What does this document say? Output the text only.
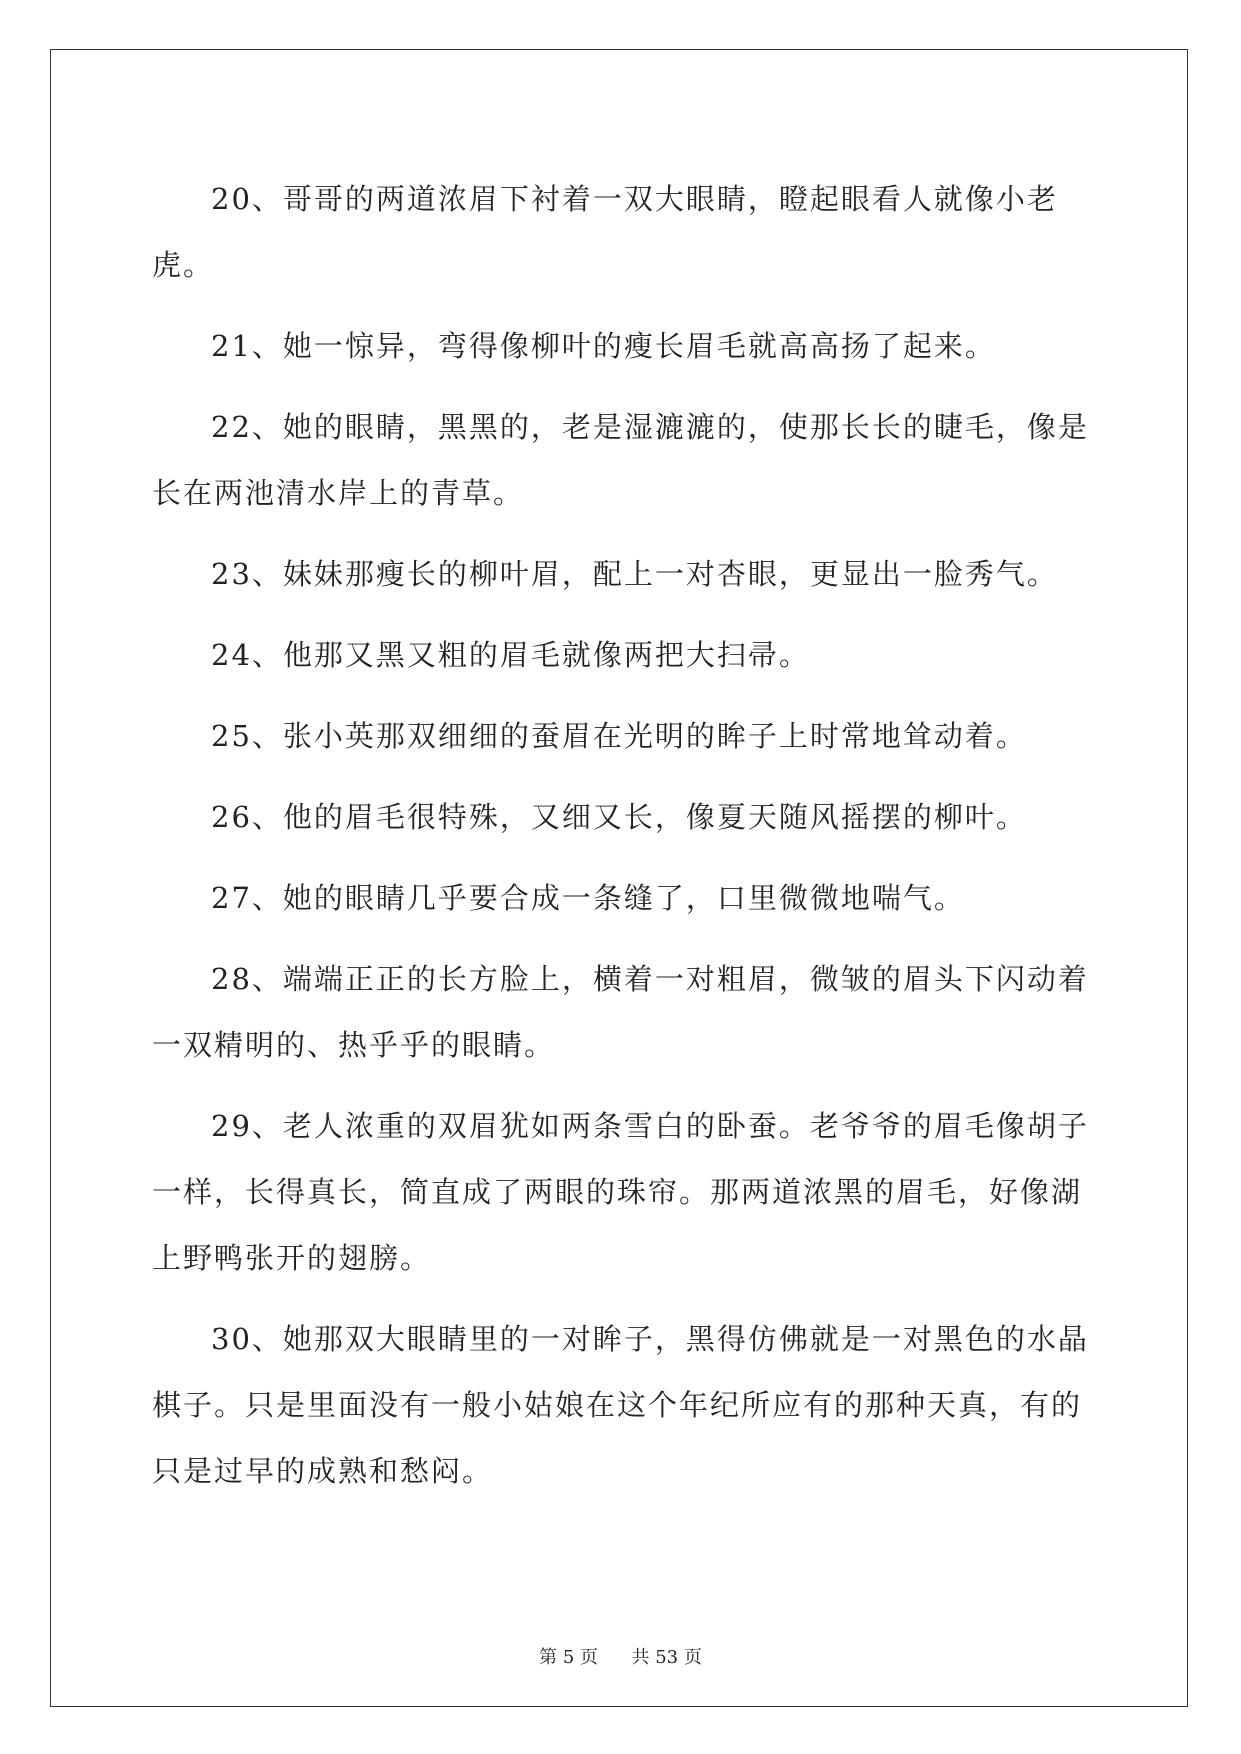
20、哥哥的两道浓眉下衬着一双大眼睛，瞪起眼看人就像小老虎。

21、她一惊异，弯得像柳叶的瘦长眉毛就高高扬了起来。

22、她的眼睛，黑黑的，老是湿漉漉的，使那长长的睫毛，像是长在两池清水岸上的青草。

23、妹妹那瘦长的柳叶眉，配上一对杏眼，更显出一脸秀气。

24、他那又黑又粗的眉毛就像两把大扫帚。

25、张小英那双细细的蚕眉在光明的眸子上时常地耸动着。

26、他的眉毛很特殊，又细又长，像夏天随风摇摆的柳叶。

27、她的眼睛几乎要合成一条缝了，口里微微地喘气。

28、端端正正的长方脸上，横着一对粗眉，微皱的眉头下闪动着一双精明的、热乎乎的眼睛。

29、老人浓重的双眉犹如两条雪白的卧蚕。老爷爷的眉毛像胡子一样，长得真长，简直成了两眼的珠帘。那两道浓黑的眉毛，好像湖上野鸭张开的翅膀。

30、她那双大眼睛里的一对眸子，黑得仿佛就是一对黑色的水晶棋子。只是里面没有一般小姑娘在这个年纪所应有的那种天真，有的只是过早的成熟和愁闷。

第 5 页 共 53 页
